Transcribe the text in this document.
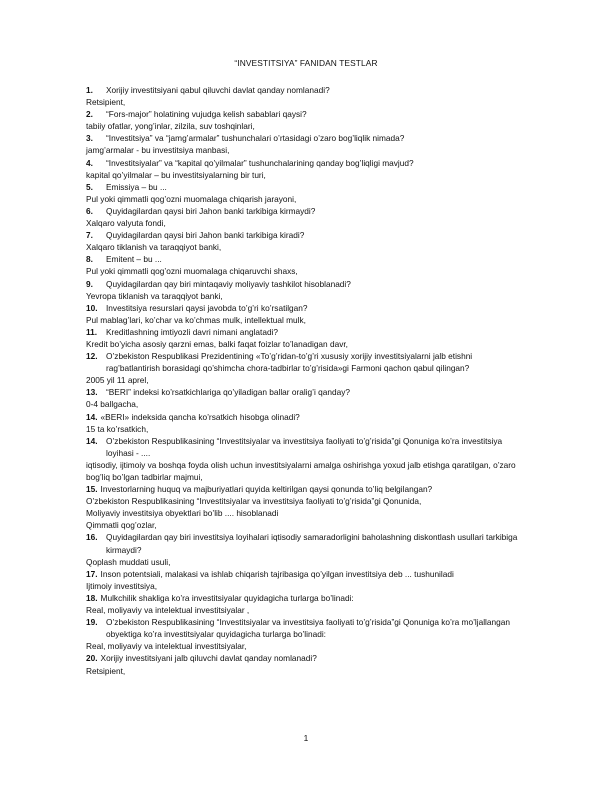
“INVESTITSIYA” FANIDAN TESTLAR
1. Xorijiy investitsiyani qabul qiluvchi davlat qanday nomlanadi?
Retsipient,
2. “Fors-major” holatining vujudga kelish sabablari qaysi?
tabiiy ofatlar, yong’inlar, zilzila, suv toshqinlari,
3. “Investitsiya” va “jamg’armalar” tushunchalari o’rtasidagi o’zaro bog’liqlik nimada?
jamg’armalar - bu investitsiya manbasi,
4. “Investitsiyalar” va “kapital qo’yilmalar” tushunchalarining qanday bog’liqligi mavjud?
kapital qo’yilmalar – bu investitsiyalarning bir turi,
5. Emissiya – bu ...
Pul yoki qimmatli qog’ozni muomalaga chiqarish jarayoni,
6. Quyidagilardan qaysi biri Jahon banki tarkibiga kirmaydi?
Xalqaro valyuta fondi,
7. Quyidagilardan qaysi biri Jahon banki tarkibiga kiradi?
Xalqaro tiklanish va taraqqiyot banki,
8. Emitent – bu ...
Pul yoki qimmatli qog’ozni muomalaga chiqaruvchi shaxs,
9. Quyidagilardan qay biri mintaqaviy moliyaviy tashkilot hisoblanadi?
Yevropa tiklanish va taraqqiyot banki,
10. Investitsiya resurslari qaysi javobda to’g’ri ko’rsatilgan?
Pul mablag’lari, ko’char va ko’chmas mulk, intellektual mulk,
11. Kreditlashning imtiyozli davri nimani anglatadi?
Kredit bo’yicha asosiy qarzni emas, balki faqat foizlar to’lanadigan davr,
12. O’zbekiston Respublikasi Prezidentining «To’g’ridan-to’g’ri xususiy xorijiy investitsiyalarni jalb etishni
rag’batlantirish borasidagi qo’shimcha chora-tadbirlar to’g’risida»gi Farmoni qachon qabul qilingan?
2005 yil 11 aprel,
13. “BERI” indeksi ko’rsatkichlariga qo’yiladigan ballar oralig’i qanday?
0-4 ballgacha,
14. «BERI» indeksida qancha ko’rsatkich hisobga olinadi?
15 ta ko’rsatkich,
14. O’zbekiston Respublikasining “Investitsiyalar va investitsiya faoliyati to’g’risida”gi Qonuniga ko’ra investitsiya
loyihasi - ....
iqtisodiy, ijtimoiy va boshqa foyda olish uchun investitsiyalarni amalga oshirishga yoxud jalb etishga qaratilgan, o’zaro
bog’liq bo’lgan tadbirlar majmui,
15. Investorlarning huquq va majburiyatlari quyida keltirilgan qaysi qonunda to’liq belgilangan?
O’zbekiston Respublikasining “Investitsiyalar va investitsiya faoliyati to’g’risida”gi Qonunida,
Moliyaviy investitsiya obyektlari bo’lib .... hisoblanadi
Qimmatli qog’ozlar,
16. Quyidagilardan qay biri investitsiya loyihalari iqtisodiy samaradorligini baholashning diskontlash usullari tarkibiga
kirmaydi?
Qoplash muddati usuli,
17. Inson potentsiali, malakasi va ishlab chiqarish tajribasiga qo’yilgan investitsiya deb ... tushuniladi
Ijtimoiy investitsiya,
18. Mulkchilik shakliga ko’ra investitsiyalar quyidagicha turlarga bo’linadi:
Real, moliyaviy va intelektual investitsiyalar ,
19. O’zbekiston Respublikasining “Investitsiyalar va investitsiya faoliyati to’g’risida”gi Qonuniga ko’ra mo’ljallangan
obyektiga ko’ra investitsiyalar quyidagicha turlarga bo’linadi:
Real, moliyaviy va intelektual investitsiyalar,
20. Xorijiy investitsiyani jalb qiluvchi davlat qanday nomlanadi?
Retsipient,
1
